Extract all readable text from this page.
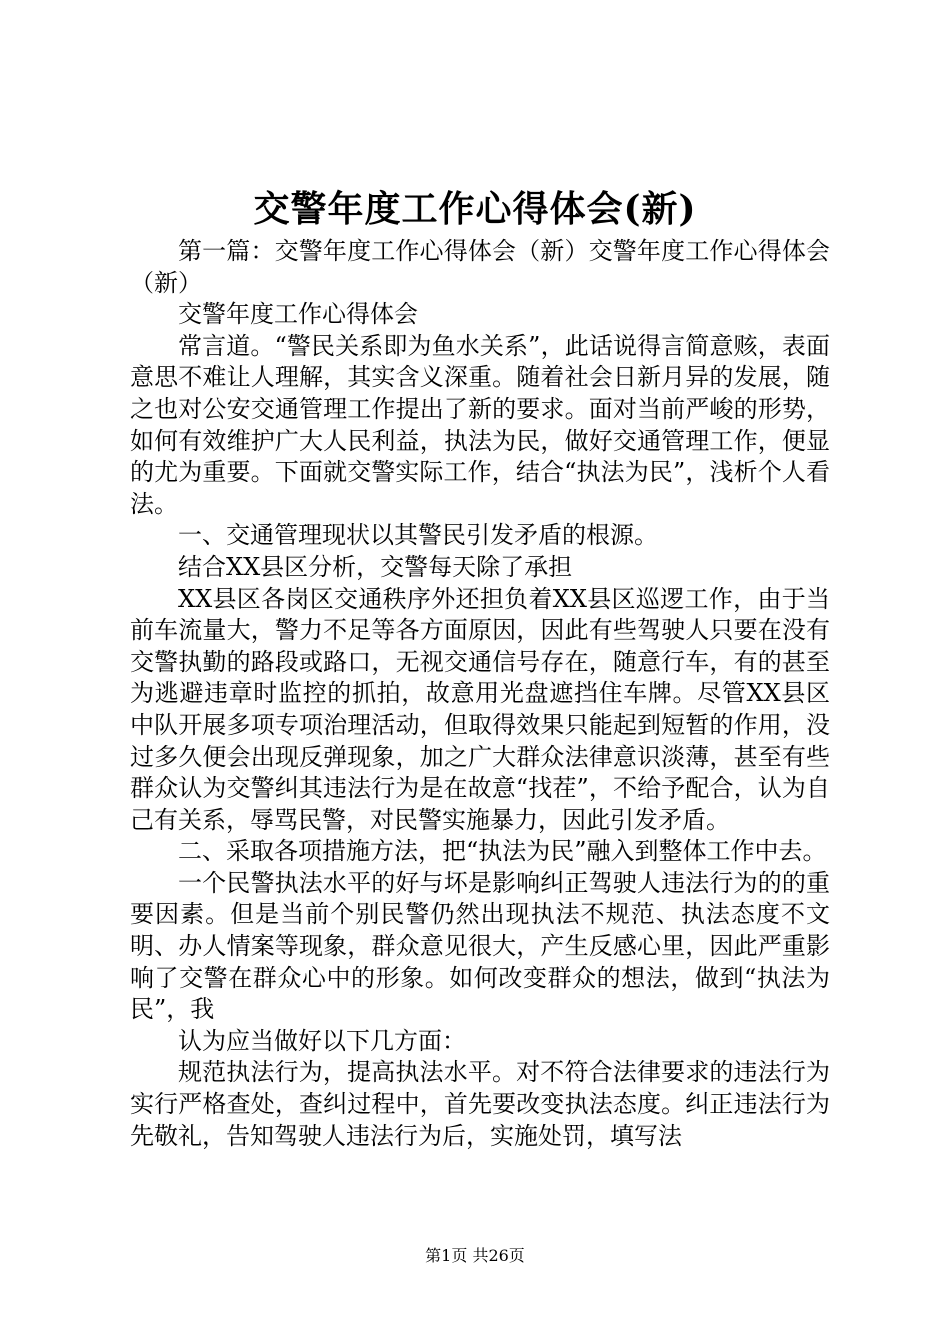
交警年度工作心得体会(新)

第一篇：交警年度工作心得体会（新）交警年度工作心得体会（新）

交警年度工作心得体会

常言道。“警民关系即为鱼水关系”，此话说得言简意赅，表面意思不难让人理解，其实含义深重。随着社会日新月异的发展，随之也对公安交通管理工作提出了新的要求。面对当前严峻的形势，如何有效维护广大人民利益，执法为民，做好交通管理工作，便显的尤为重要。下面就交警实际工作，结合“执法为民”，浅析个人看法。

一、交通管理现状以其警民引发矛盾的根源。

结合XX县区分析，交警每天除了承担

XX县区各岗区交通秩序外还担负着XX县区巡逻工作，由于当前车流量大，警力不足等各方面原因，因此有些驾驶人只要在没有交警执勤的路段或路口，无视交通信号存在，随意行车，有的甚至为逃避违章时监控的抓拍，故意用光盘遮挡住车牌。尽管XX县区中队开展多项专项治理活动，但取得效果只能起到短暂的作用，没过多久便会出现反弹现象，加之广大群众法律意识淡薄，甚至有些群众认为交警纠其违法行为是在故意“找茬”，不给予配合，认为自己有关系，辱骂民警，对民警实施暴力，因此引发矛盾。

二、采取各项措施方法，把“执法为民”融入到整体工作中去。

一个民警执法水平的好与坏是影响纠正驾驶人违法行为的的重要因素。但是当前个别民警仍然出现执法不规范、执法态度不文明、办人情案等现象，群众意见很大，产生反感心里，因此严重影响了交警在群众心中的形象。如何改变群众的想法，做到“执法为民”，我

认为应当做好以下几方面：

规范执法行为，提高执法水平。对不符合法律要求的违法行为实行严格查处，查纠过程中，首先要改变执法态度。纠正违法行为先敬礼，告知驾驶人违法行为后，实施处罚，填写法

第1页 共26页
